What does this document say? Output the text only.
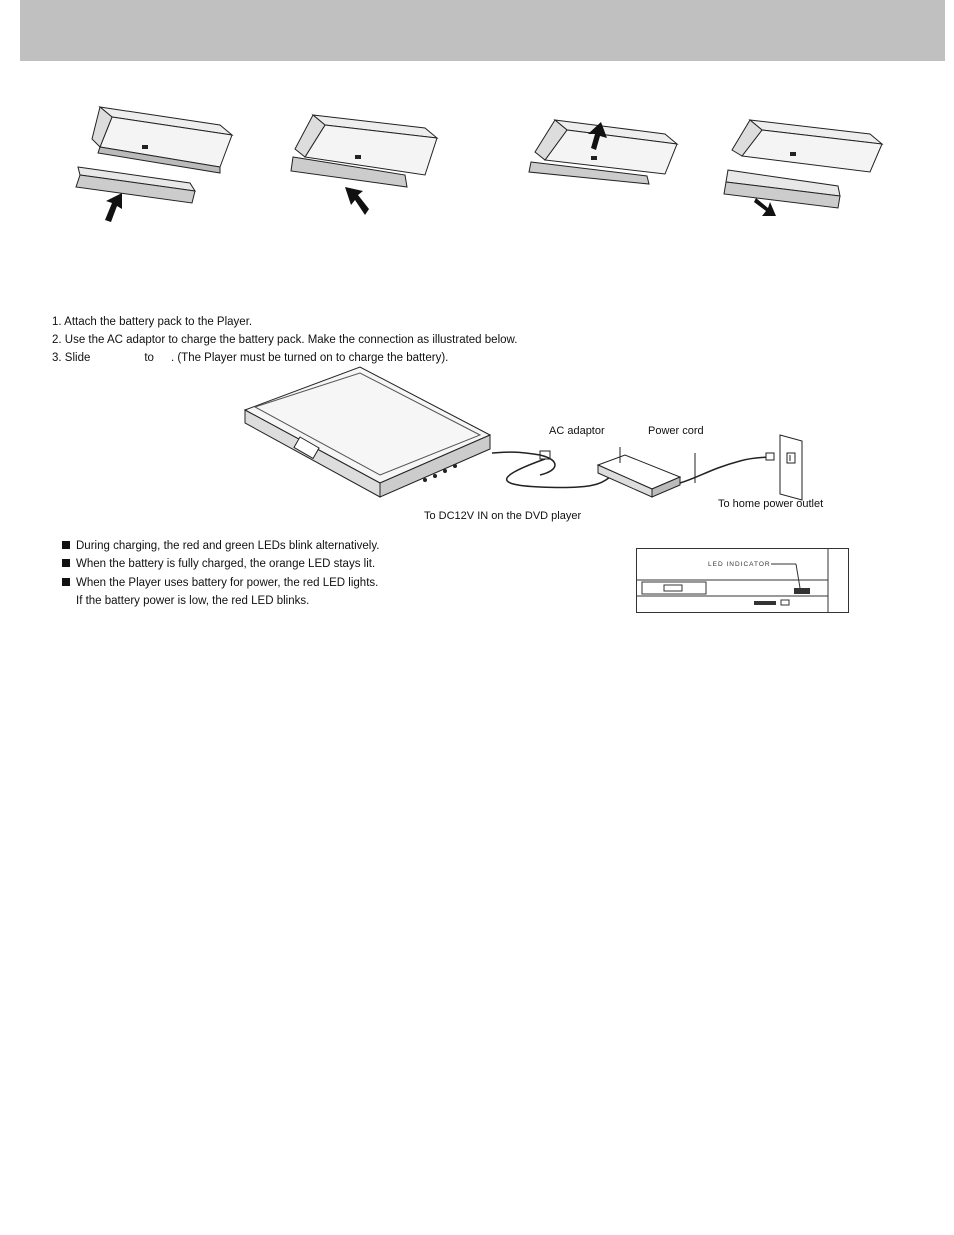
1. Attach the battery pack to the Player.
2. Use the AC adaptor to charge the battery pack. Make the connection as illustrated below.
3. Slide	to . (The Player must be turned on to charge the battery).
AC adaptor	Power cord
To home power outlet
To DC12V IN on the DVD player
During charging, the red and green LEDs blink alternatively.
When the battery is fully charged, the orange LED stays lit.
When the Player uses battery for power, the red LED lights.
If the battery power is low, the red LED blinks.
LED INDICATOR
